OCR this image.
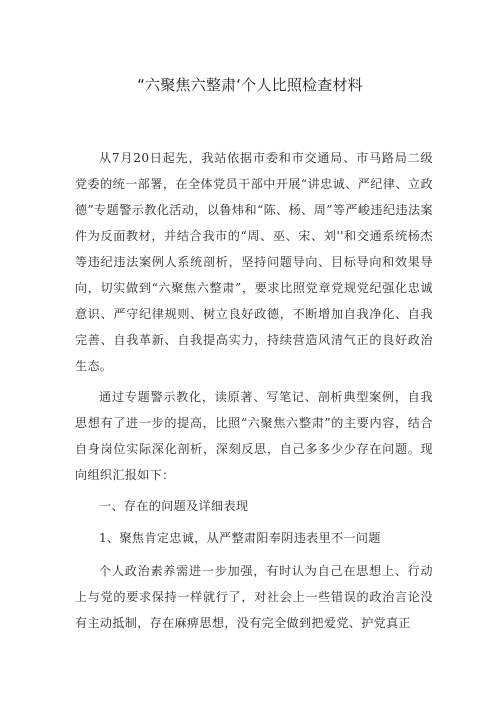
“六聚焦六整肃‘个人比照检查材料

从7月20日起先，我站依据市委和市交通局、市马路局二级党委的统一部署，在全体党员干部中开展“讲忠诚、严纪律、立政德”专题警示教化活动，以鲁炜和“陈、杨、周”等严峻违纪违法案件为反面教材，并结合我市的“周、巫、宋、刘''和交通系统杨杰等违纪违法案例人系统剖析，坚持问题导向、目标导向和效果导向，切实做到“六聚焦六整肃”，要求比照党章党规党纪强化忠诚意识、严守纪律规则、树立良好政德，不断增加自我净化、自我完善、自我革新、自我提高实力，持续营造风清气正的良好政治生态。

通过专题警示教化，读原著、写笔记、剖析典型案例，自我思想有了进一步的提高，比照“六聚焦六整肃”的主要内容，结合自身岗位实际深化剖析，深刻反思，自己多多少少存在问题。现向组织汇报如下：

一、存在的问题及详细表现

1、聚焦肯定忠诚，从严整肃阳奉阴违表里不一问题

个人政治素养需进一步加强，有时认为自己在思想上、行动上与党的要求保持一样就行了，对社会上一些错误的政治言论没有主动抵制，存在麻痹思想，没有完全做到把爱党、护党真正
